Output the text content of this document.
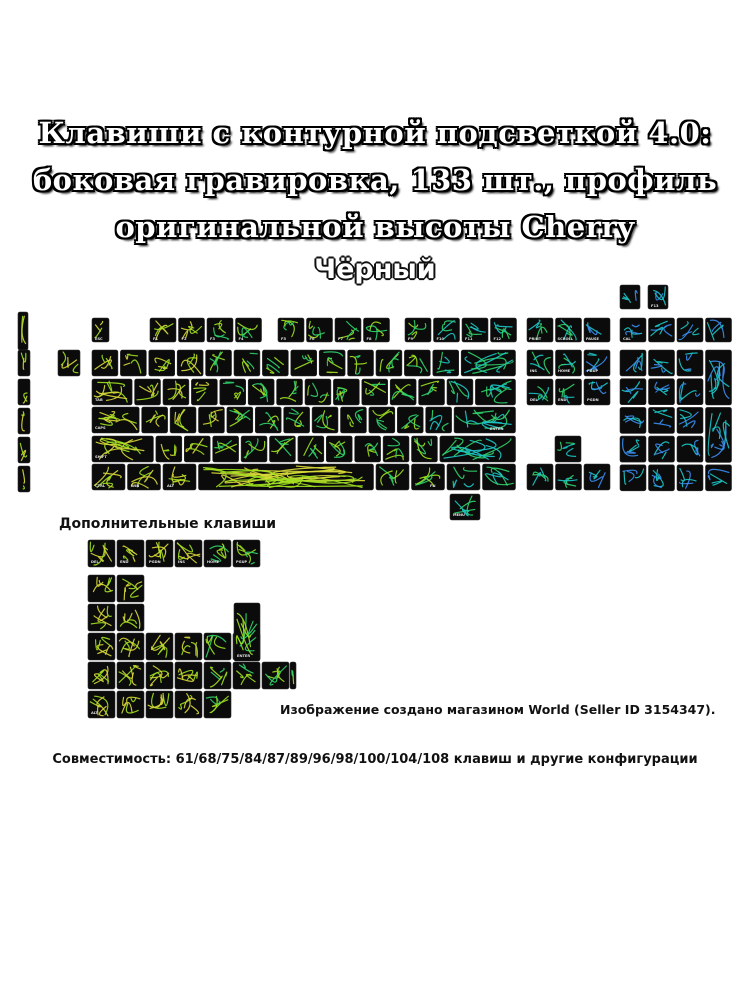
Клавиши с контурной подсветкой 4.0:
боковая гравировка, 133 шт., профиль
оригинальной высоты Cherry
Чёрный
ESC	F1	F2	F3	F4	F5	F6	F7	F8	F9	F10	F11	F12	PRINT	SCROLL	PAUSE	CAL
F13
TAB
CAPS
SHIFT
CTRL	WIN	ALT	FN
MENU
ENTER
DEL	END	PGDN
INS	HOME	PGUP
DEL	END	PGDN	INS	HOME	PGUP
ALT
ENTER
Дополнительные клавиши
Изображение создано магазином World (Seller ID 3154347).
Совместимость: 61/68/75/84/87/89/96/98/100/104/108 клавиш и другие конфигурации
